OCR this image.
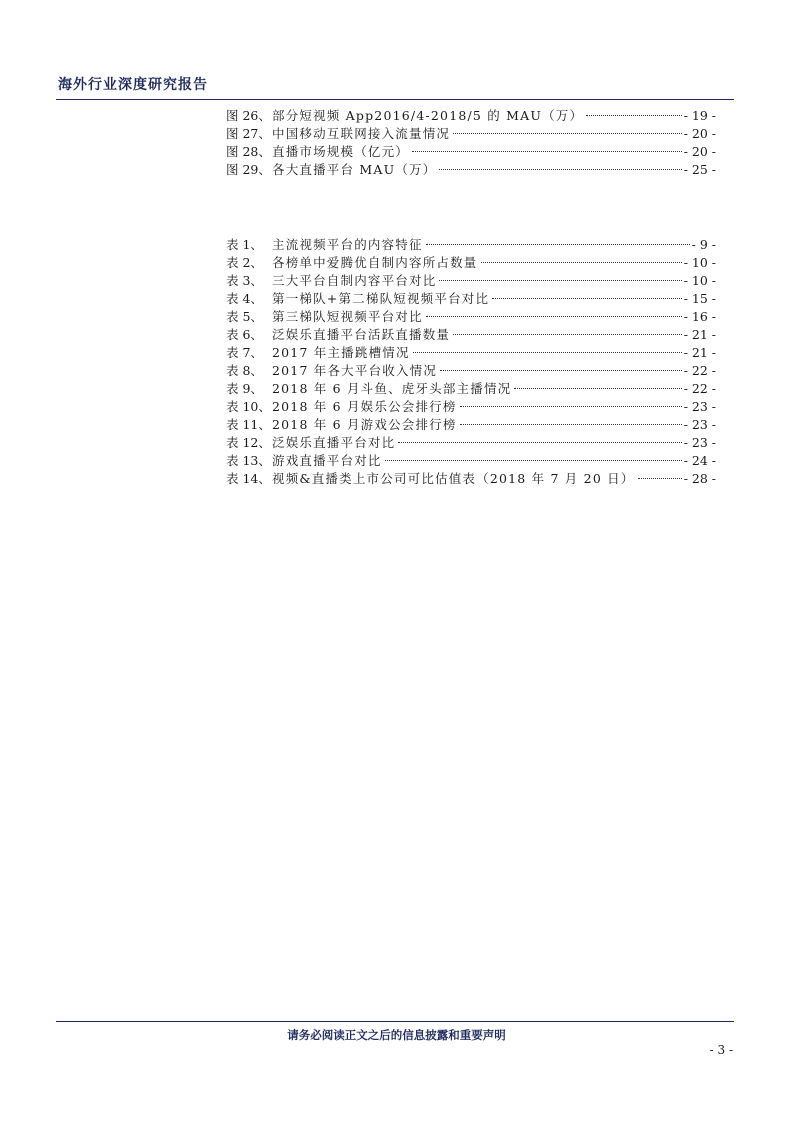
海外行业深度研究报告
图 26、 部分短视频 App2016/4-2018/5 的 MAU（万）	- 19 -
图 27、 中国移动互联网接入流量情况	- 20 -
图 28、 直播市场规模（亿元）	- 20 -
图 29、 各大直播平台 MAU（万）	- 25 -
表 1、 主流视频平台的内容特征	- 9 -
表 2、 各榜单中爱腾优自制内容所占数量	- 10 -
表 3、 三大平台自制内容平台对比	- 10 -
表 4、 第一梯队+第二梯队短视频平台对比	- 15 -
表 5、 第三梯队短视频平台对比	- 16 -
表 6、 泛娱乐直播平台活跃直播数量	- 21 -
表 7、 2017 年主播跳槽情况	- 21 -
表 8、 2017 年各大平台收入情况	- 22 -
表 9、 2018 年 6 月斗鱼、虎牙头部主播情况	- 22 -
表 10、 2018 年 6 月娱乐公会排行榜	- 23 -
表 11、 2018 年 6 月游戏公会排行榜	- 23 -
表 12、 泛娱乐直播平台对比	- 23 -
表 13、 游戏直播平台对比	- 24 -
表 14、 视频&直播类上市公司可比估值表（2018 年 7 月 20 日）	- 28 -
请务必阅读正文之后的信息披露和重要声明
- 3 -
